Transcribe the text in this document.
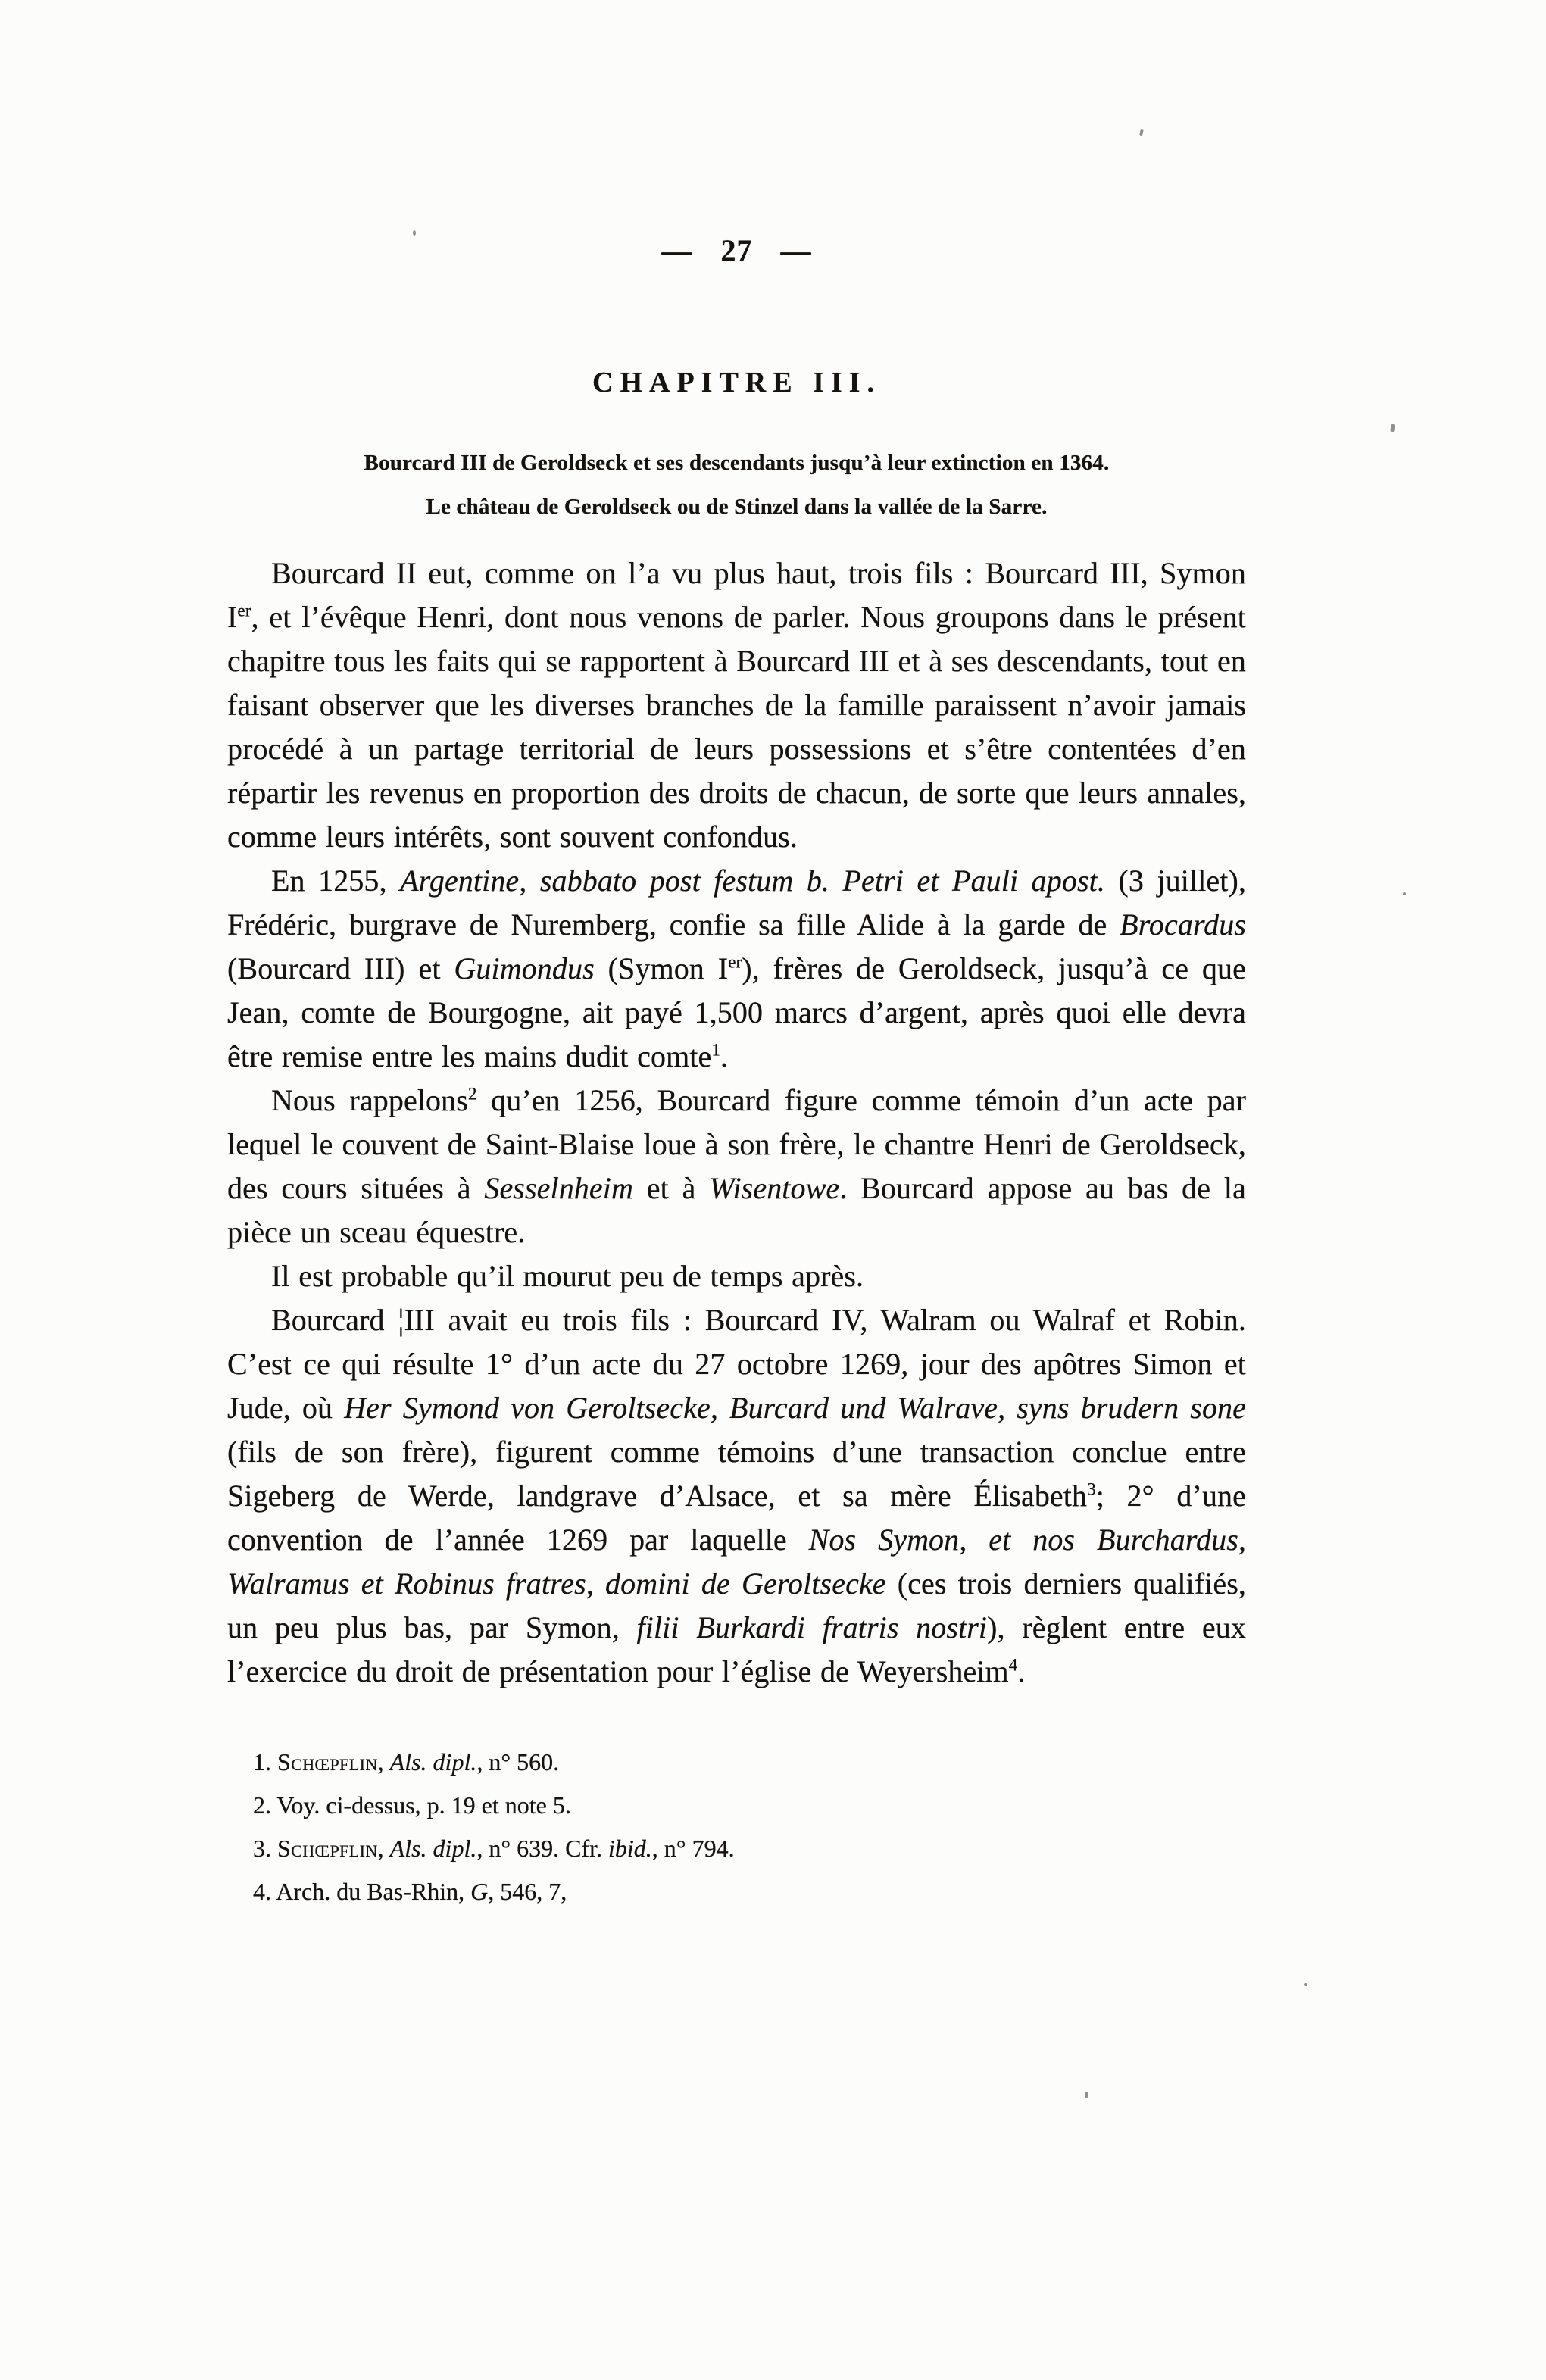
— 27 —
CHAPITRE III.
Bourcard III de Geroldseck et ses descendants jusqu’à leur extinction en 1364.
Le château de Geroldseck ou de Stinzel dans la vallée de la Sarre.

Bourcard II eut, comme on l’a vu plus haut, trois fils : Bourcard III, Symon Ier, et l’évêque Henri, dont nous venons de parler. Nous groupons dans le présent chapitre tous les faits qui se rapportent à Bourcard III et à ses descendants, tout en faisant observer que les diverses branches de la famille paraissent n’avoir jamais procédé à un partage territorial de leurs possessions et s’être contentées d’en répartir les revenus en proportion des droits de chacun, de sorte que leurs annales, comme leurs intérêts, sont souvent confondus.

En 1255, Argentine, sabbato post festum b. Petri et Pauli apost. (3 juillet), Frédéric, burgrave de Nuremberg, confie sa fille Alide à la garde de Brocardus (Bourcard III) et Guimondus (Symon Ier), frères de Geroldseck, jusqu’à ce que Jean, comte de Bourgogne, ait payé 1,500 marcs d’argent, après quoi elle devra être remise entre les mains dudit comte$^1$.

Nous rappelons$^2$ qu’en 1256, Bourcard figure comme témoin d’un acte par lequel le couvent de Saint-Blaise loue à son frère, le chantre Henri de Geroldseck, des cours situées à Sesselnheim et à Wisentowe. Bourcard appose au bas de la pièce un sceau équestre.

Il est probable qu’il mourut peu de temps après.

Bourcard ¦III avait eu trois fils : Bourcard IV, Walram ou Walraf et Robin. C’est ce qui résulte 1° d’un acte du 27 octobre 1269, jour des apôtres Simon et Jude, où Her Symond von Geroltsecke, Burcard und Walrave, syns brudern sone (fils de son frère), figurent comme témoins d’une transaction conclue entre Sigeberg de Werde, landgrave d’Alsace, et sa mère Élisabeth$^3$; 2° d’une convention de l’année 1269 par laquelle Nos Symon, et nos Burchardus, Walramus et Robinus fratres, domini de Geroltsecke (ces trois derniers qualifiés, un peu plus bas, par Symon, filii Burkardi fratris nostri), règlent entre eux l’exercice du droit de présentation pour l’église de Weyersheim$^4$.

1. Schœpflin, Als. dipl., n° 560.
2. Voy. ci-dessus, p. 19 et note 5.
3. Schœpflin, Als. dipl., n° 639. Cfr. ibid., n° 794.
4. Arch. du Bas-Rhin, G, 546, 7,
